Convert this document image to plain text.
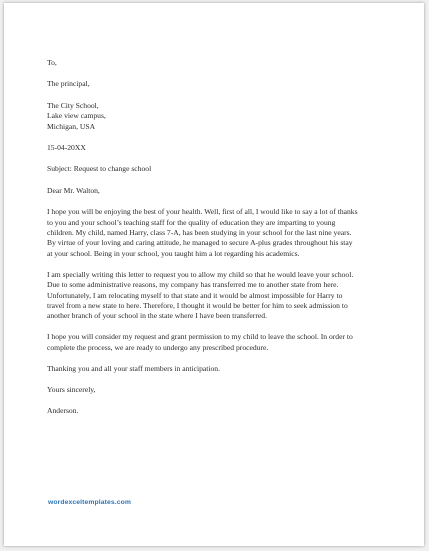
To,
The principal,
The City School,
Lake view campus,
Michigan, USA
15-04-20XX
Subject: Request to change school
Dear Mr. Walton,
I hope you will be enjoying the best of your health. Well, first of all, I would like to say a lot of thanks
to you and your school’s teaching staff for the quality of education they are imparting to young
children. My child, named Harry, class 7-A, has been studying in your school for the last nine years.
By virtue of your loving and caring attitude, he managed to secure A-plus grades throughout his stay
at your school. Being in your school, you taught him a lot regarding his academics.
I am specially writing this letter to request you to allow my child so that he would leave your school.
Due to some administrative reasons, my company has transferred me to another state from here.
Unfortunately, I am relocating myself to that state and it would be almost impossible for Harry to
travel from a new state to here. Therefore, I thought it would be better for him to seek admission to
another branch of your school in the state where I have been transferred.
I hope you will consider my request and grant permission to my child to leave the school. In order to
complete the process, we are ready to undergo any prescribed procedure.
Thanking you and all your staff members in anticipation.
Yours sincerely,
Anderson.
wordexceltemplates.com
